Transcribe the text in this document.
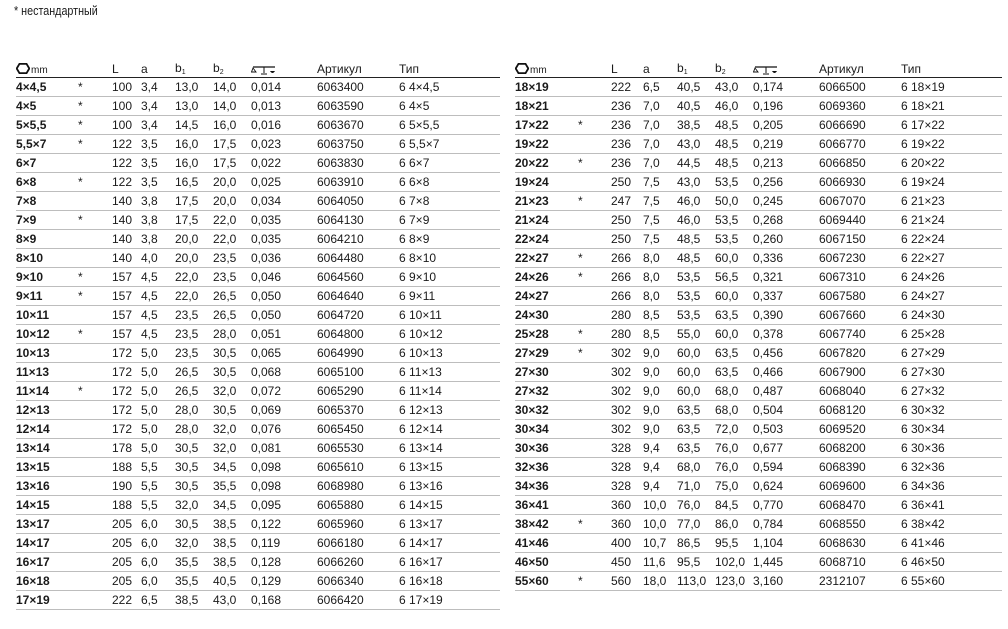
* нестандартный
mm		L	a	$b_1$	$b_2$		Артикул	Тип
4×4,5	*	100	3,4	13,0	14,0	0,014	6063400	6 4×4,5
4×5	*	100	3,4	13,0	14,0	0,013	6063590	6 4×5
5×5,5	*	100	3,4	14,5	16,0	0,016	6063670	6 5×5,5
5,5×7	*	122	3,5	16,0	17,5	0,023	6063750	6 5,5×7
6×7		122	3,5	16,0	17,5	0,022	6063830	6 6×7
6×8	*	122	3,5	16,5	20,0	0,025	6063910	6 6×8
7×8		140	3,8	17,5	20,0	0,034	6064050	6 7×8
7×9	*	140	3,8	17,5	22,0	0,035	6064130	6 7×9
8×9		140	3,8	20,0	22,0	0,035	6064210	6 8×9
8×10		140	4,0	20,0	23,5	0,036	6064480	6 8×10
9×10	*	157	4,5	22,0	23,5	0,046	6064560	6 9×10
9×11	*	157	4,5	22,0	26,5	0,050	6064640	6 9×11
10×11		157	4,5	23,5	26,5	0,050	6064720	6 10×11
10×12	*	157	4,5	23,5	28,0	0,051	6064800	6 10×12
10×13		172	5,0	23,5	30,5	0,065	6064990	6 10×13
11×13		172	5,0	26,5	30,5	0,068	6065100	6 11×13
11×14	*	172	5,0	26,5	32,0	0,072	6065290	6 11×14
12×13		172	5,0	28,0	30,5	0,069	6065370	6 12×13
12×14		172	5,0	28,0	32,0	0,076	6065450	6 12×14
13×14		178	5,0	30,5	32,0	0,081	6065530	6 13×14
13×15		188	5,5	30,5	34,5	0,098	6065610	6 13×15
13×16		190	5,5	30,5	35,5	0,098	6068980	6 13×16
14×15		188	5,5	32,0	34,5	0,095	6065880	6 14×15
13×17		205	6,0	30,5	38,5	0,122	6065960	6 13×17
14×17		205	6,0	32,0	38,5	0,119	6066180	6 14×17
16×17		205	6,0	35,5	38,5	0,128	6066260	6 16×17
16×18		205	6,0	35,5	40,5	0,129	6066340	6 16×18
17×19		222	6,5	38,5	43,0	0,168	6066420	6 17×19
mm		L	a	$b_1$	$b_2$		Артикул	Тип
18×19		222	6,5	40,5	43,0	0,174	6066500	6 18×19
18×21		236	7,0	40,5	46,0	0,196	6069360	6 18×21
17×22	*	236	7,0	38,5	48,5	0,205	6066690	6 17×22
19×22		236	7,0	43,0	48,5	0,219	6066770	6 19×22
20×22	*	236	7,0	44,5	48,5	0,213	6066850	6 20×22
19×24		250	7,5	43,0	53,5	0,256	6066930	6 19×24
21×23	*	247	7,5	46,0	50,0	0,245	6067070	6 21×23
21×24		250	7,5	46,0	53,5	0,268	6069440	6 21×24
22×24		250	7,5	48,5	53,5	0,260	6067150	6 22×24
22×27	*	266	8,0	48,5	60,0	0,336	6067230	6 22×27
24×26	*	266	8,0	53,5	56,5	0,321	6067310	6 24×26
24×27		266	8,0	53,5	60,0	0,337	6067580	6 24×27
24×30		280	8,5	53,5	63,5	0,390	6067660	6 24×30
25×28	*	280	8,5	55,0	60,0	0,378	6067740	6 25×28
27×29	*	302	9,0	60,0	63,5	0,456	6067820	6 27×29
27×30		302	9,0	60,0	63,5	0,466	6067900	6 27×30
27×32		302	9,0	60,0	68,0	0,487	6068040	6 27×32
30×32		302	9,0	63,5	68,0	0,504	6068120	6 30×32
30×34		302	9,0	63,5	72,0	0,503	6069520	6 30×34
30×36		328	9,4	63,5	76,0	0,677	6068200	6 30×36
32×36		328	9,4	68,0	76,0	0,594	6068390	6 32×36
34×36		328	9,4	71,0	75,0	0,624	6069600	6 34×36
36×41		360	10,0	76,0	84,5	0,770	6068470	6 36×41
38×42	*	360	10,0	77,0	86,0	0,784	6068550	6 38×42
41×46		400	10,7	86,5	95,5	1,104	6068630	6 41×46
46×50		450	11,6	95,5	102,0	1,445	6068710	6 46×50
55×60	*	560	18,0	113,0	123,0	3,160	2312107	6 55×60
